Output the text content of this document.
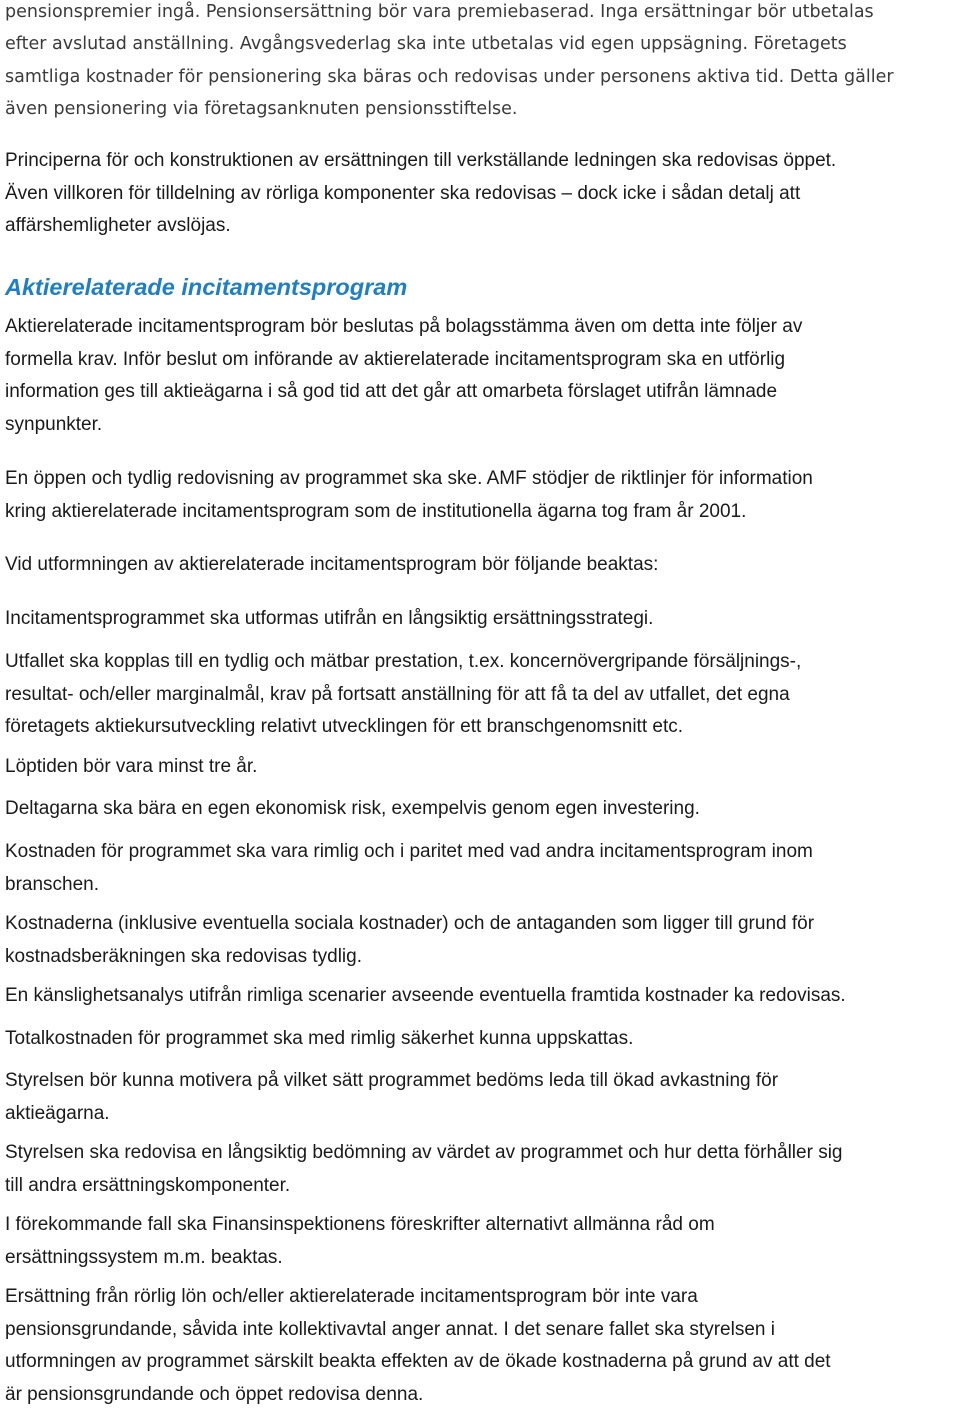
pensionspremier ingå. Pensionsersättning bör vara premiebaserad. Inga ersättningar bör utbetalas
efter avslutad anställning. Avgångsvederlag ska inte utbetalas vid egen uppsägning. Företagets
samtliga kostnader för pensionering ska bäras och redovisas under personens aktiva tid. Detta gäller
även pensionering via företagsanknuten pensionsstiftelse.

Principerna för och konstruktionen av ersättningen till verkställande ledningen ska redovisas öppet.
Även villkoren för tilldelning av rörliga komponenter ska redovisas – dock icke i sådan detalj att
affärshemligheter avslöjas.

Aktierelaterade incitamentsprogram

Aktierelaterade incitamentsprogram bör beslutas på bolagsstämma även om detta inte följer av
formella krav. Inför beslut om införande av aktierelaterade incitamentsprogram ska en utförlig
information ges till aktieägarna i så god tid att det går att omarbeta förslaget utifrån lämnade
synpunkter.

En öppen och tydlig redovisning av programmet ska ske. AMF stödjer de riktlinjer för information
kring aktierelaterade incitamentsprogram som de institutionella ägarna tog fram år 2001.

Vid utformningen av aktierelaterade incitamentsprogram bör följande beaktas:

Incitamentsprogrammet ska utformas utifrån en långsiktig ersättningsstrategi.

Utfallet ska kopplas till en tydlig och mätbar prestation, t.ex. koncernövergripande försäljnings-,
resultat- och/eller marginalmål, krav på fortsatt anställning för att få ta del av utfallet, det egna
företagets aktiekursutveckling relativt utvecklingen för ett branschgenomsnitt etc.

Löptiden bör vara minst tre år.

Deltagarna ska bära en egen ekonomisk risk, exempelvis genom egen investering.

Kostnaden för programmet ska vara rimlig och i paritet med vad andra incitamentsprogram inom
branschen.

Kostnaderna (inklusive eventuella sociala kostnader) och de antaganden som ligger till grund för
kostnadsberäkningen ska redovisas tydlig.

En känslighetsanalys utifrån rimliga scenarier avseende eventuella framtida kostnader ka redovisas.

Totalkostnaden för programmet ska med rimlig säkerhet kunna uppskattas.

Styrelsen bör kunna motivera på vilket sätt programmet bedöms leda till ökad avkastning för
aktieägarna.

Styrelsen ska redovisa en långsiktig bedömning av värdet av programmet och hur detta förhåller sig
till andra ersättningskomponenter.

I förekommande fall ska Finansinspektionens föreskrifter alternativt allmänna råd om
ersättningssystem m.m. beaktas.

Ersättning från rörlig lön och/eller aktierelaterade incitamentsprogram bör inte vara
pensionsgrundande, såvida inte kollektivavtal anger annat. I det senare fallet ska styrelsen i
utformningen av programmet särskilt beakta effekten av de ökade kostnaderna på grund av att det
är pensionsgrundande och öppet redovisa denna.
